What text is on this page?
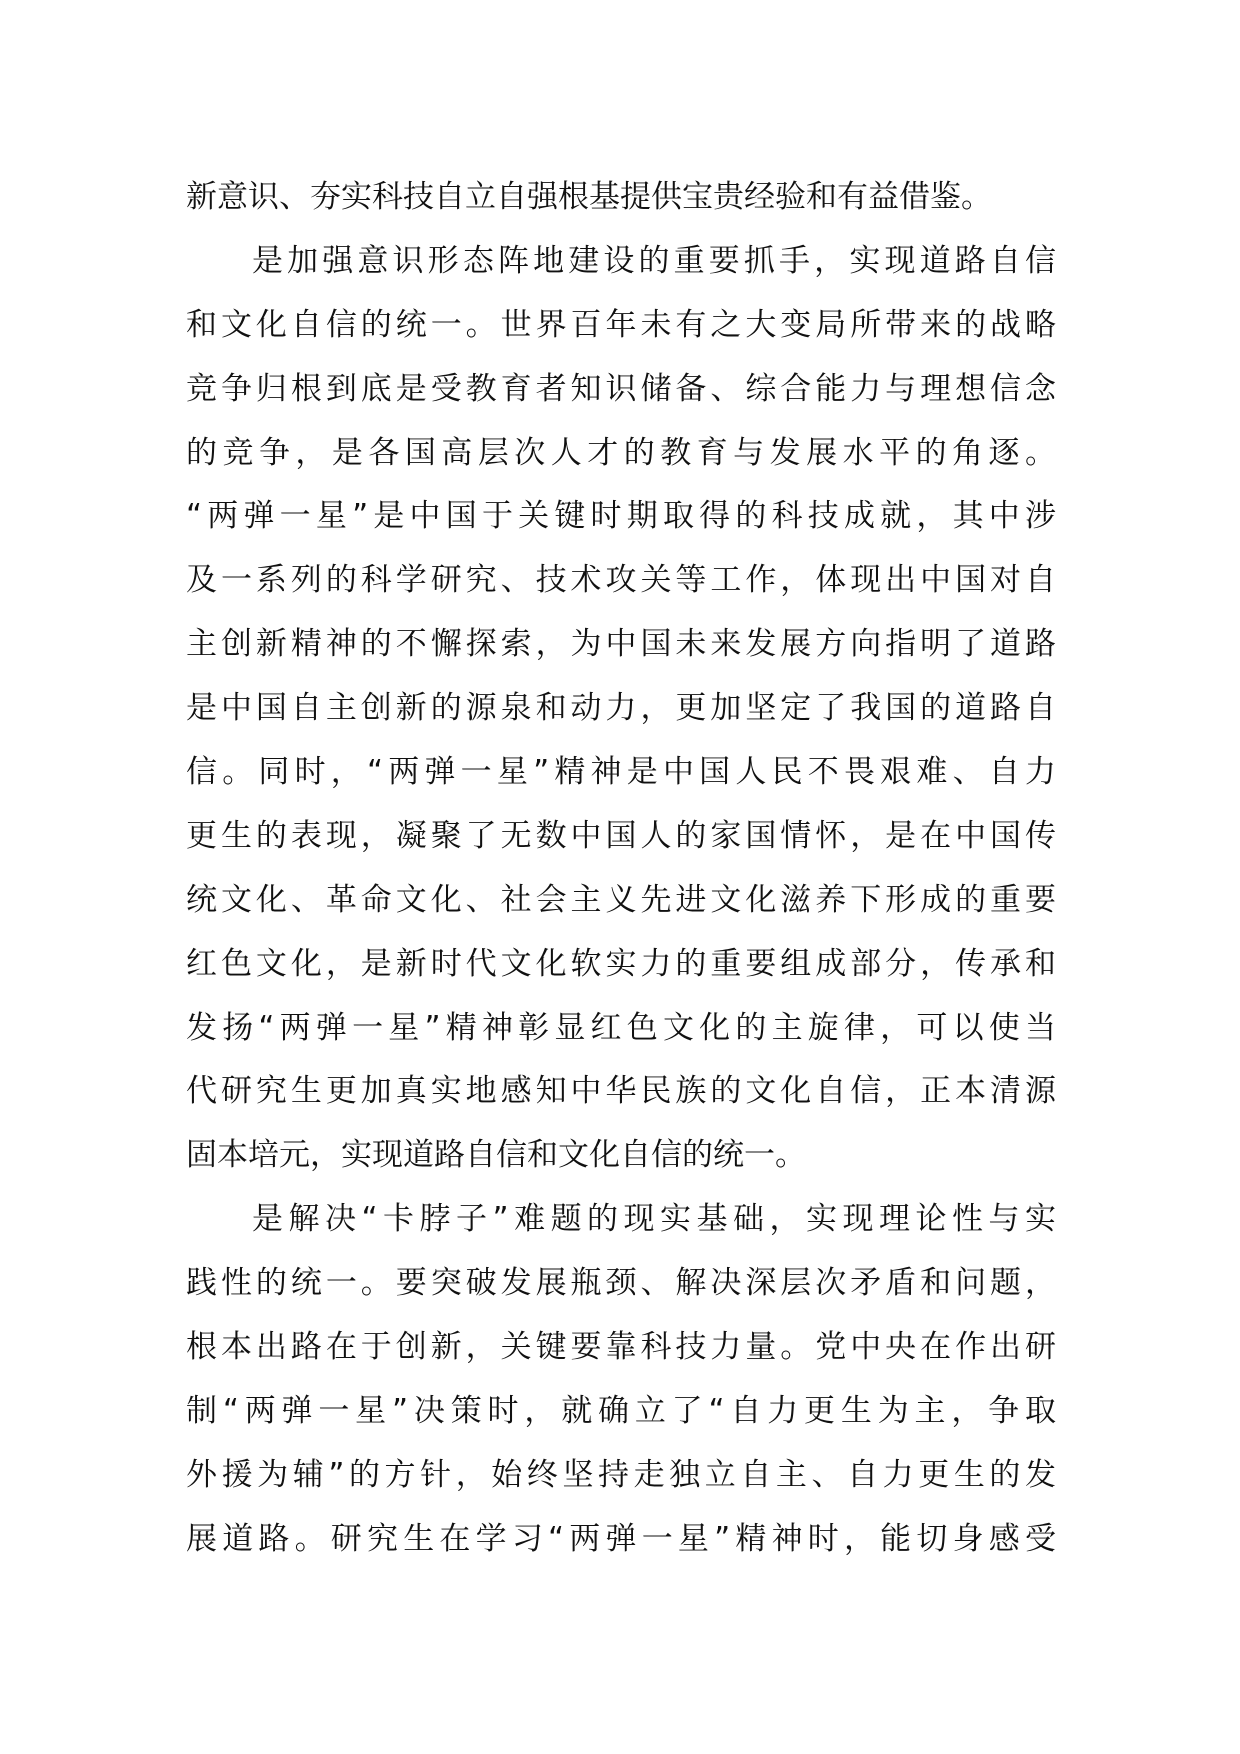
新意识、夯实科技自立自强根基提供宝贵经验和有益借鉴。
是加强意识形态阵地建设的重要抓手，实现道路自信
和文化自信的统一。世界百年未有之大变局所带来的战略
竞争归根到底是受教育者知识储备、综合能力与理想信念
的竞争，是各国高层次人才的教育与发展水平的角逐。
“两弹一星”是中国于关键时期取得的科技成就，其中涉
及一系列的科学研究、技术攻关等工作，体现出中国对自
主创新精神的不懈探索，为中国未来发展方向指明了道路
是中国自主创新的源泉和动力，更加坚定了我国的道路自
信。同时，“两弹一星”精神是中国人民不畏艰难、自力
更生的表现，凝聚了无数中国人的家国情怀，是在中国传
统文化、革命文化、社会主义先进文化滋养下形成的重要
红色文化，是新时代文化软实力的重要组成部分，传承和
发扬“两弹一星”精神彰显红色文化的主旋律，可以使当
代研究生更加真实地感知中华民族的文化自信，正本清源
固本培元，实现道路自信和文化自信的统一。
是解决“卡脖子”难题的现实基础，实现理论性与实
践性的统一。要突破发展瓶颈、解决深层次矛盾和问题，
根本出路在于创新，关键要靠科技力量。党中央在作出研
制“两弹一星”决策时，就确立了“自力更生为主，争取
外援为辅”的方针，始终坚持走独立自主、自力更生的发
展道路。研究生在学习“两弹一星”精神时，能切身感受
